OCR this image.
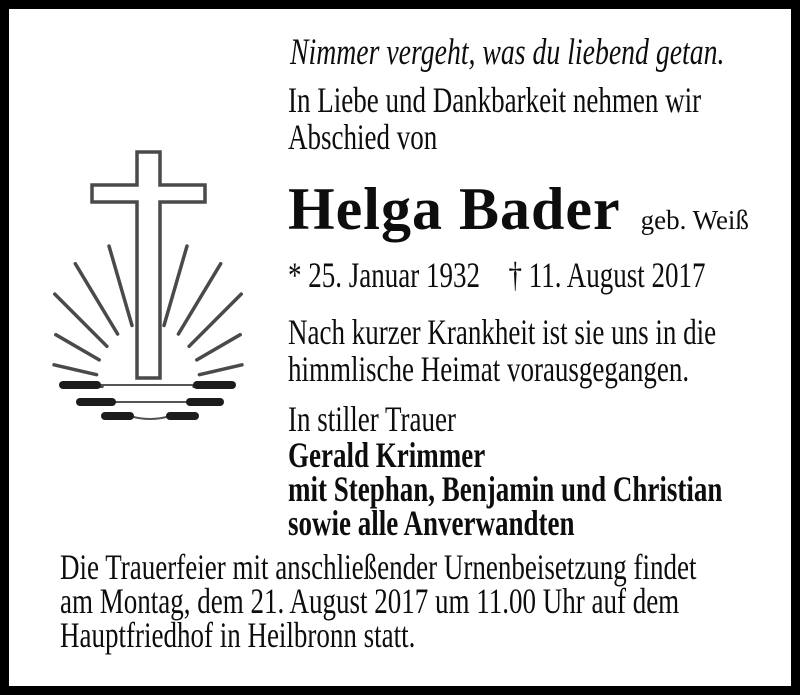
Nimmer vergeht, was du liebend getan.
In Liebe und Dankbarkeit nehmen wir
Abschied von
Helga Bader geb. Weiß
* 25. Januar 1932 † 11. August 2017
Nach kurzer Krankheit ist sie uns in die
himmlische Heimat vorausgegangen.
In stiller Trauer
Gerald Krimmer
mit Stephan, Benjamin und Christian
sowie alle Anverwandten
Die Trauerfeier mit anschließender Urnenbeisetzung findet
am Montag, dem 21. August 2017 um 11.00 Uhr auf dem
Hauptfriedhof in Heilbronn statt.
